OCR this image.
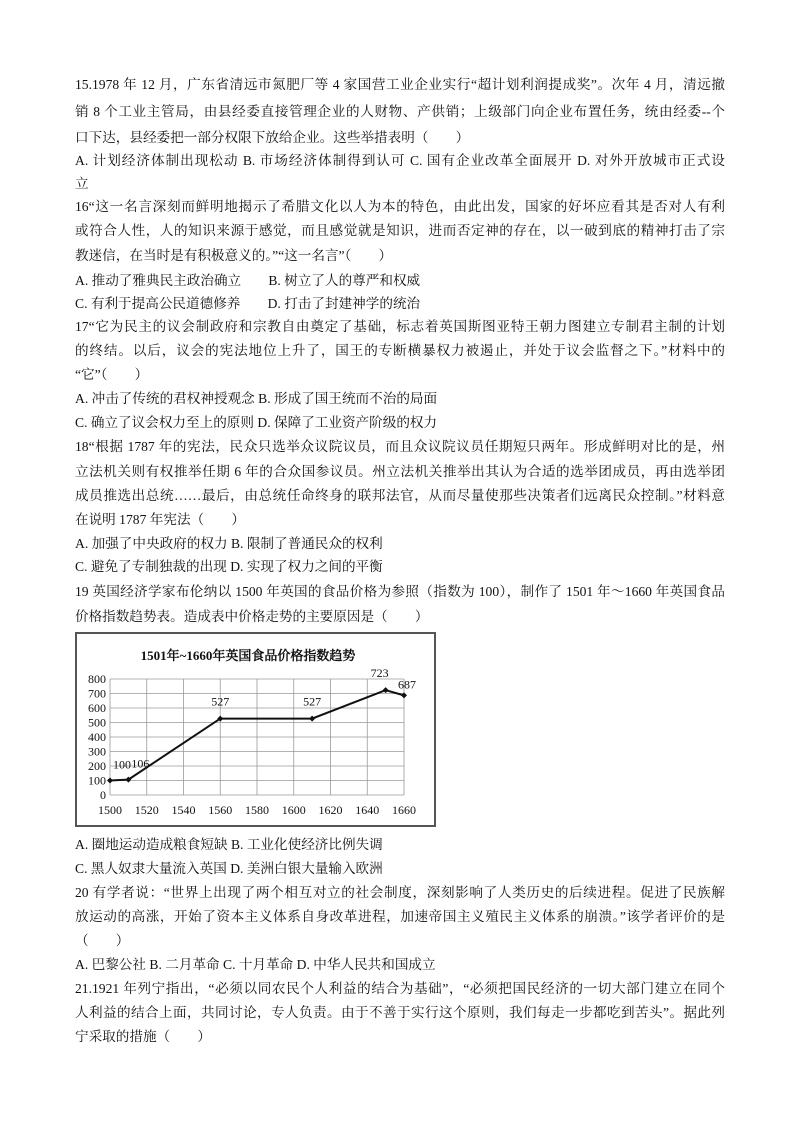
15.1978 年 12 月，广东省清远市氮肥厂等 4 家国营工业企业实行“超计划利润提成奖”。次年 4 月，清远撤
销 8 个工业主管局，由县经委直接管理企业的人财物、产供销；上级部门向企业布置任务，统由经委--个
口下达，县经委把一部分权限下放给企业。这些举措表明（　　）
A. 计划经济体制出现松动 B. 市场经济体制得到认可 C. 国有企业改革全面展开 D. 对外开放城市正式设
立
16“这一名言深刻而鲜明地揭示了希腊文化以人为本的特色，由此出发，国家的好坏应看其是否对人有利
或符合人性，人的知识来源于感觉，而且感觉就是知识，进而否定神的存在，以一破到底的精神打击了宗
教迷信，在当时是有积极意义的。”“这一名言”（　　）
A. 推动了雅典民主政治确立　　B. 树立了人的尊严和权威
C. 有利于提高公民道德修养　　D. 打击了封建神学的统治
17“它为民主的议会制政府和宗教自由奠定了基础，标志着英国斯图亚特王朝力图建立专制君主制的计划
的终结。以后，议会的宪法地位上升了，国王的专断横暴权力被遏止，并处于议会监督之下。”材料中的
“它”（　　）
A. 冲击了传统的君权神授观念 B. 形成了国王统而不治的局面
C. 确立了议会权力至上的原则 D. 保障了工业资产阶级的权力
18“根据 1787 年的宪法，民众只选举众议院议员，而且众议院议员任期短只两年。形成鲜明对比的是，州
立法机关则有权推举任期 6 年的合众国参议员。州立法机关推举出其认为合适的选举团成员，再由选举团
成员推选出总统……最后，由总统任命终身的联邦法官，从而尽量使那些决策者们远离民众控制。”材料意
在说明 1787 年宪法（　　）
A. 加强了中央政府的权力 B. 限制了普通民众的权利
C. 避免了专制独裁的出现 D. 实现了权力之间的平衡
19 英国经济学家布伦纳以 1500 年英国的食品价格为参照（指数为 100），制作了 1501 年～1660 年英国食品
价格指数趋势表。造成表中价格走势的主要原因是（　　）
1501年~1660年英国食品价格指数趋势
0
100
200
300
400
500
600
700
800
1500 1520 1540 1560 1580 1600 1620 1640 1660
100 106
527	527
723
687
A. 圈地运动造成粮食短缺 B. 工业化使经济比例失调
C. 黑人奴隶大量流入英国 D. 美洲白银大量输入欧洲
20 有学者说：“世界上出现了两个相互对立的社会制度，深刻影响了人类历史的后续进程。促进了民族解
放运动的高涨，开始了资本主义体系自身改革进程，加速帝国主义殖民主义体系的崩溃。”该学者评价的是
（　　）
A. 巴黎公社 B. 二月革命 C. 十月革命 D. 中华人民共和国成立
21.1921 年列宁指出，“必须以同农民个人利益的结合为基础”，“必须把国民经济的一切大部门建立在同个
人利益的结合上面，共同讨论，专人负责。由于不善于实行这个原则，我们每走一步都吃到苦头”。据此列
宁采取的措施（　　）
